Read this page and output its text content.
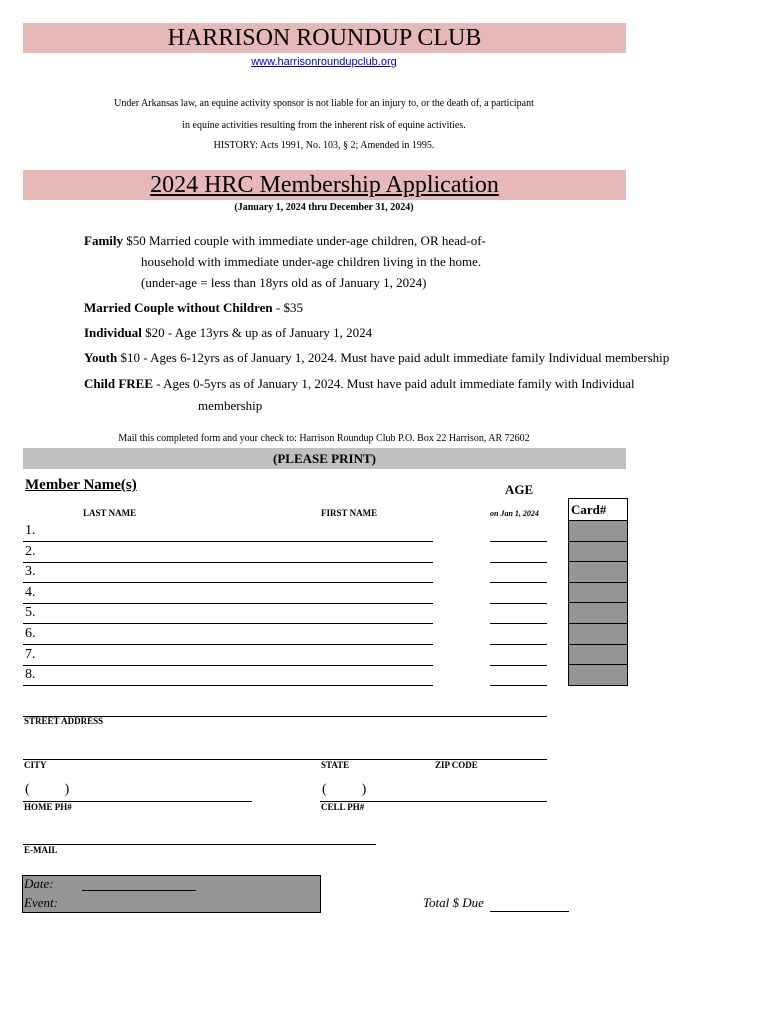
HARRISON ROUNDUP CLUB
www.harrisonroundupclub.org
Under Arkansas law, an equine activity sponsor is not liable for an injury to, or the death of, a participant
in equine activities resulting from the inherent risk of equine activities.
HISTORY: Acts 1991, No. 103, § 2; Amended in 1995.
2024 HRC Membership Application
(January 1, 2024 thru December 31, 2024)
Family $50 Married couple with immediate under-age children, OR head-of-
household with immediate under-age children living in the home.
(under-age = less than 18yrs old as of January 1, 2024)
Married Couple without Children - $35
Individual $20 - Age 13yrs & up as of January 1, 2024
Youth $10 - Ages 6-12yrs as of January 1, 2024. Must have paid adult immediate family Individual membership
Child FREE - Ages 0-5yrs as of January 1, 2024. Must have paid adult immediate family with Individual
membership
Mail this completed form and your check to: Harrison Roundup Club P.O. Box 22 Harrison, AR 72602
(PLEASE PRINT)
Member Name(s)	AGE
LAST NAME	FIRST NAME	on Jan 1, 2024 Card#
1.
2.
3.
4.
5.
6.
7.
8.
STREET ADDRESS
CITY	STATE	ZIP CODE
(          )	(          )
HOME PH#	CELL PH#
E-MAIL
Date:
Event:	Total $ Due
